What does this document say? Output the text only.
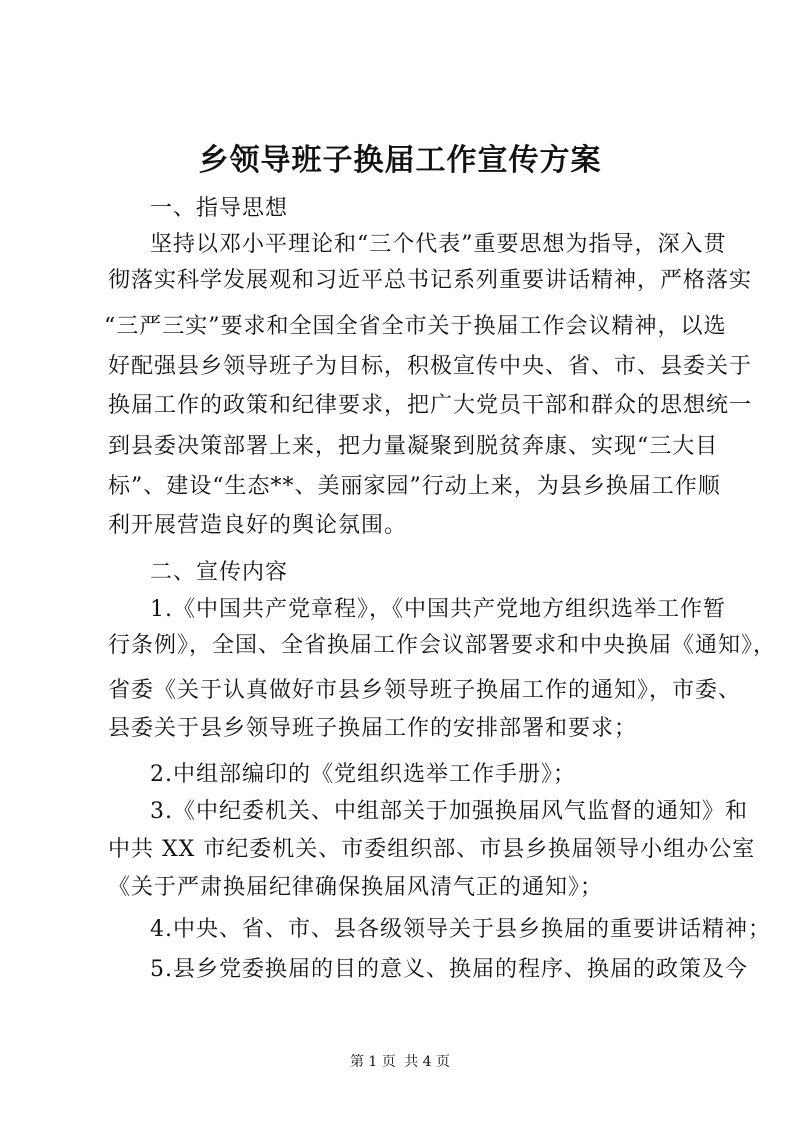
乡领导班子换届工作宣传方案
一、指导思想
坚持以邓小平理论和“三个代表”重要思想为指导，深入贯
彻落实科学发展观和习近平总书记系列重要讲话精神，严格落实
“三严三实”要求和全国全省全市关于换届工作会议精神，以选
好配强县乡领导班子为目标，积极宣传中央、省、市、县委关于
换届工作的政策和纪律要求，把广大党员干部和群众的思想统一
到县委决策部署上来，把力量凝聚到脱贫奔康、实现“三大目
标”、建设“生态**、美丽家园”行动上来，为县乡换届工作顺
利开展营造良好的舆论氛围。
二、宣传内容
1.《中国共产党章程》，《中国共产党地方组织选举工作暂
行条例》，全国、全省换届工作会议部署要求和中央换届《通知》，
省委《关于认真做好市县乡领导班子换届工作的通知》，市委、
县委关于县乡领导班子换届工作的安排部署和要求；
2.中组部编印的《党组织选举工作手册》；
3.《中纪委机关、中组部关于加强换届风气监督的通知》和
中共 XX 市纪委机关、市委组织部、市县乡换届领导小组办公室
《关于严肃换届纪律确保换届风清气正的通知》；
4.中央、省、市、县各级领导关于县乡换届的重要讲话精神；
5.县乡党委换届的目的意义、换届的程序、换届的政策及今
第 1 页 共 4 页
